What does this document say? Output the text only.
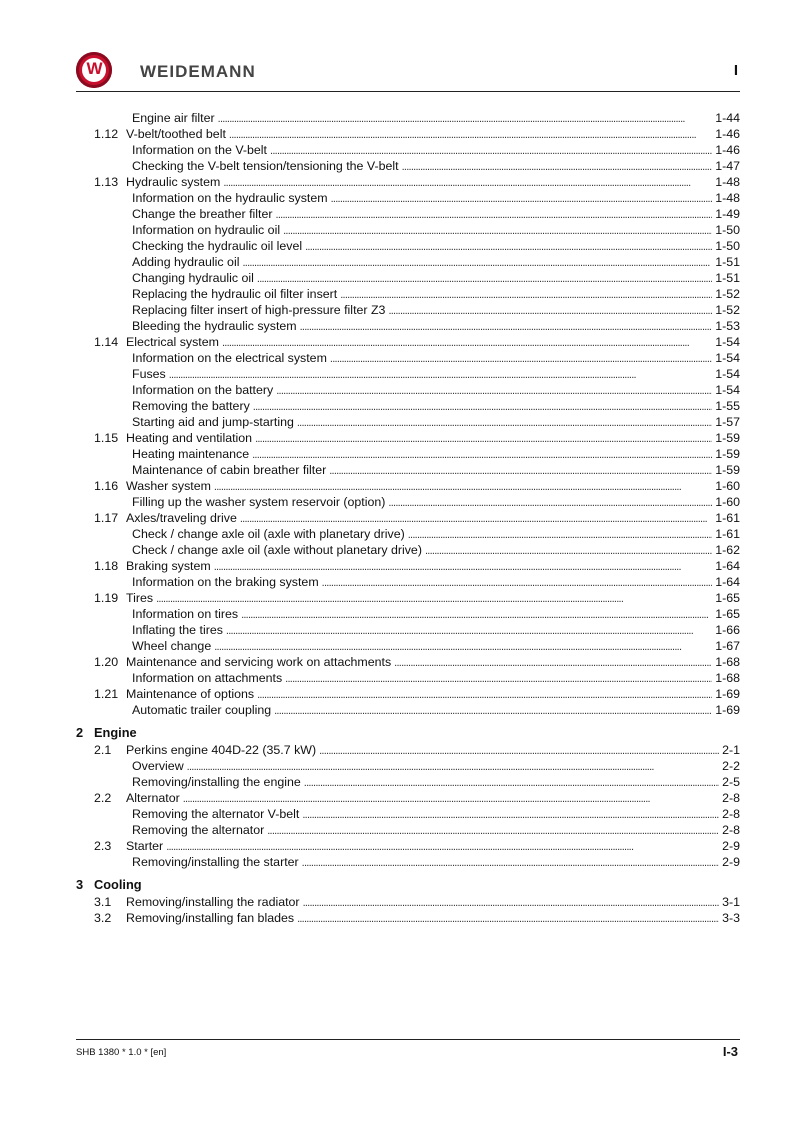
W	WEIDEMANN	I
Engine air filter . . .	1-44
1.12 V-belt/toothed belt . . .	1-46
Information on the V-belt . . .	1-46
Checking the V-belt tension/tensioning the V-belt . . .	1-47
1.13 Hydraulic system . . .	1-48
Information on the hydraulic system . . .	1-48
Change the breather filter . . .	1-49
Information on hydraulic oil . . .	1-50
Checking the hydraulic oil level . . .	1-50
Adding hydraulic oil . . .	1-51
Changing hydraulic oil . . .	1-51
Replacing the hydraulic oil filter insert . . .	1-52
Replacing filter insert of high-pressure filter Z3 . . .	1-52
Bleeding the hydraulic system . . .	1-53
1.14 Electrical system . . .	1-54
Information on the electrical system . . .	1-54
Fuses . . .	1-54
Information on the battery . . .	1-54
Removing the battery . . .	1-55
Starting aid and jump-starting . . .	1-57
1.15 Heating and ventilation . . .	1-59
Heating maintenance . . .	1-59
Maintenance of cabin breather filter . . .	1-59
1.16 Washer system . . .	1-60
Filling up the washer system reservoir (option) . . .	1-60
1.17 Axles/traveling drive . . .	1-61
Check / change axle oil (axle with planetary drive) . . .	1-61
Check / change axle oil (axle without planetary drive) . . .	1-62
1.18 Braking system . . .	1-64
Information on the braking system . . .	1-64
1.19 Tires . . .	1-65
Information on tires . . .	1-65
Inflating the tires . . .	1-66
Wheel change . . .	1-67
1.20 Maintenance and servicing work on attachments . . .	1-68
Information on attachments . . .	1-68
1.21 Maintenance of options . . .	1-69
Automatic trailer coupling . . .	1-69
2 Engine
2.1	Perkins engine 404D-22 (35.7 kW) . . .	2-1
Overview . . .	2-2
Removing/installing the engine . . .	2-5
2.2	Alternator . . .	2-8
Removing the alternator V-belt . . .	2-8
Removing the alternator . . .	2-8
2.3	Starter . . .	2-9
Removing/installing the starter . . .	2-9
3 Cooling
3.1	Removing/installing the radiator . . .	3-1
3.2	Removing/installing fan blades . . .	3-3
SHB 1380 * 1.0 * [en]	I-3
